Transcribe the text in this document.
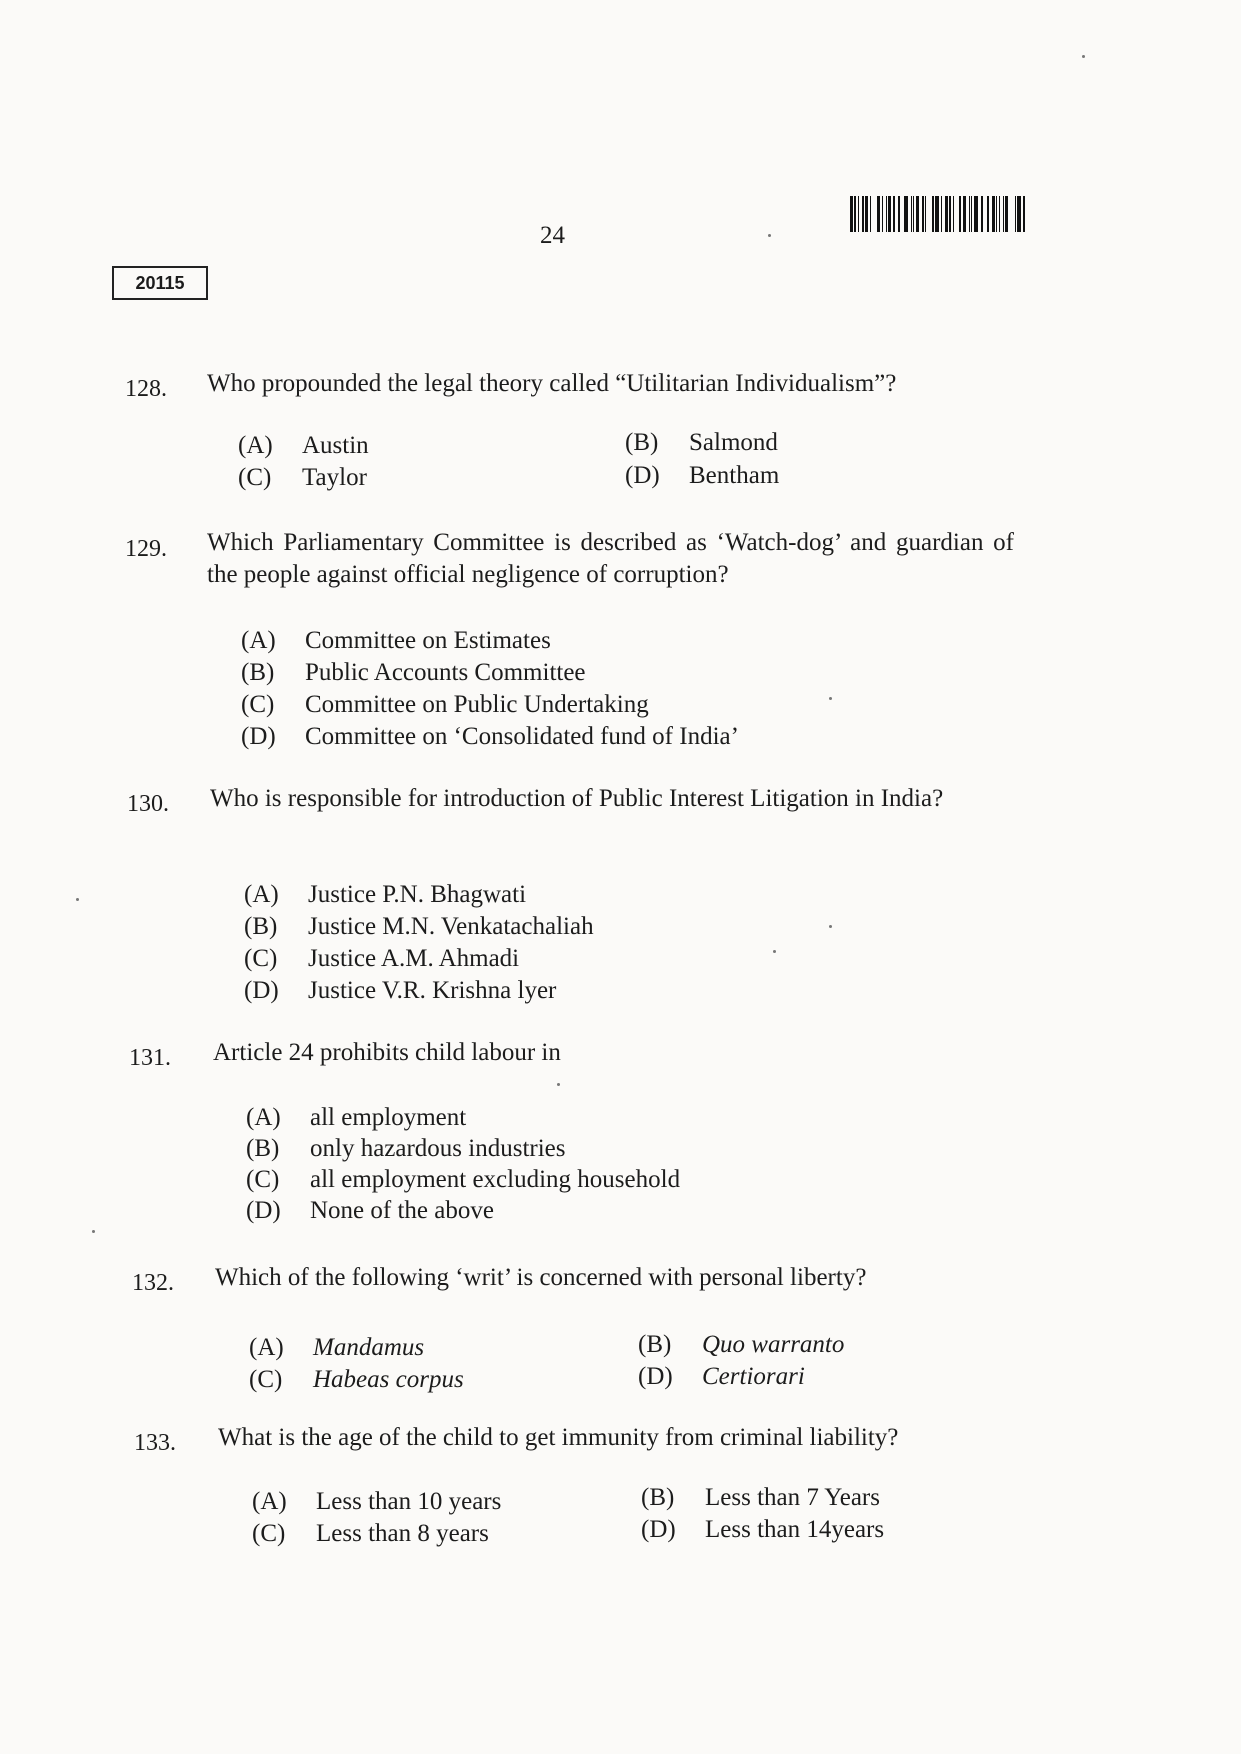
24
20115
128. Who propounded the legal theory called “Utilitarian Individualism”?
(A) Austin	(B) Salmond
(C) Taylor	(D) Bentham
129. Which Parliamentary Committee is described as ‘Watch-dog’ and guardian of the people against official negligence of corruption?
(A) Committee on Estimates
(B) Public Accounts Committee
(C) Committee on Public Undertaking
(D) Committee on ‘Consolidated fund of India’
130. Who is responsible for introduction of Public Interest Litigation in India?
(A) Justice P.N. Bhagwati
(B) Justice M.N. Venkatachaliah
(C) Justice A.M. Ahmadi
(D) Justice V.R. Krishna lyer
131. Article 24 prohibits child labour in
(A) all employment
(B) only hazardous industries
(C) all employment excluding household
(D) None of the above
132. Which of the following ‘writ’ is concerned with personal liberty?
(A) Mandamus	(B) Quo warranto
(C) Habeas corpus	(D) Certiorari
133. What is the age of the child to get immunity from criminal liability?
(A) Less than 10 years	(B) Less than 7 Years
(C) Less than 8 years	(D) Less than 14years
